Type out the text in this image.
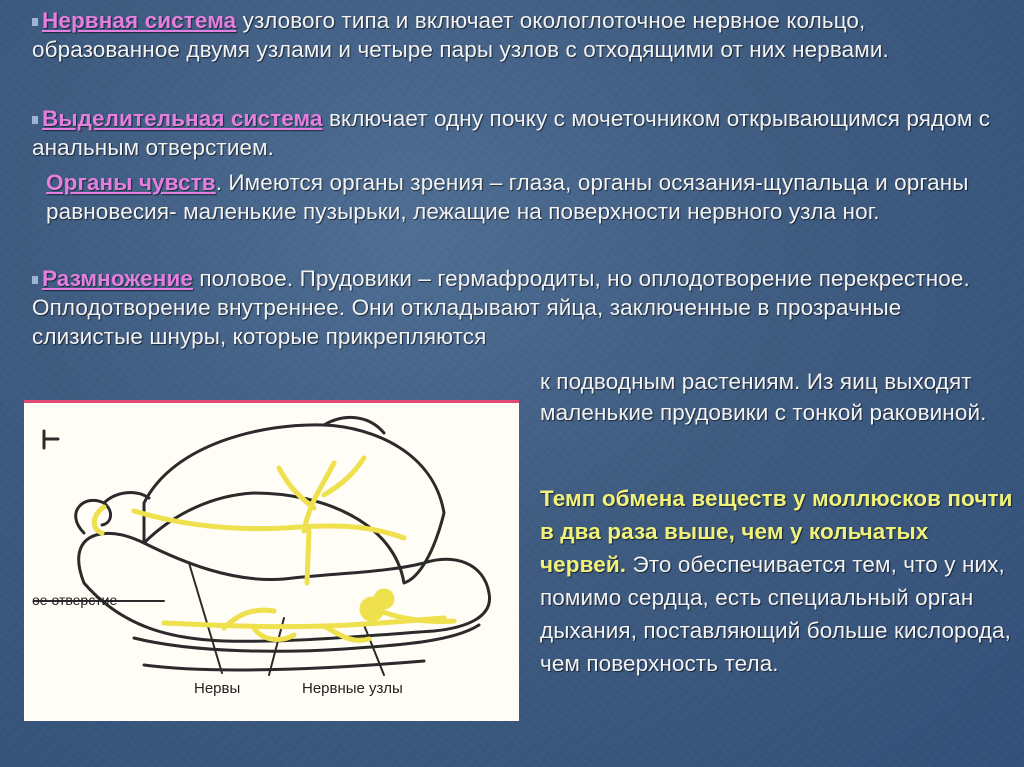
Нервная система узлового типа и включает окологлоточное нервное кольцо, образованное двумя узлами и четыре пары узлов с отходящими от них нервами.
Выделительная система включает одну почку с мочеточником открывающимся рядом с анальным отверстием.
Органы чувств. Имеются органы зрения – глаза, органы осязания-щупальца и органы равновесия- маленькие пузырьки, лежащие на поверхности нервного узла ног.
Размножение половое. Прудовики – гермафродиты, но оплодотворение перекрестное. Оплодотворение внутреннее. Они откладывают яйца, заключенные в прозрачные слизистые шнуры, которые прикрепляются
к подводным растениям. Из яиц выходят маленькие прудовики с тонкой раковиной.
Темп обмена веществ у моллюсков почти в два раза выше, чем у кольчатых червей. Это обеспечивается тем, что у них, помимо сердца, есть специальный орган дыхания, поставляющий больше кислорода, чем поверхность тела.
ое отверстие
Нервы	Нервные узлы
